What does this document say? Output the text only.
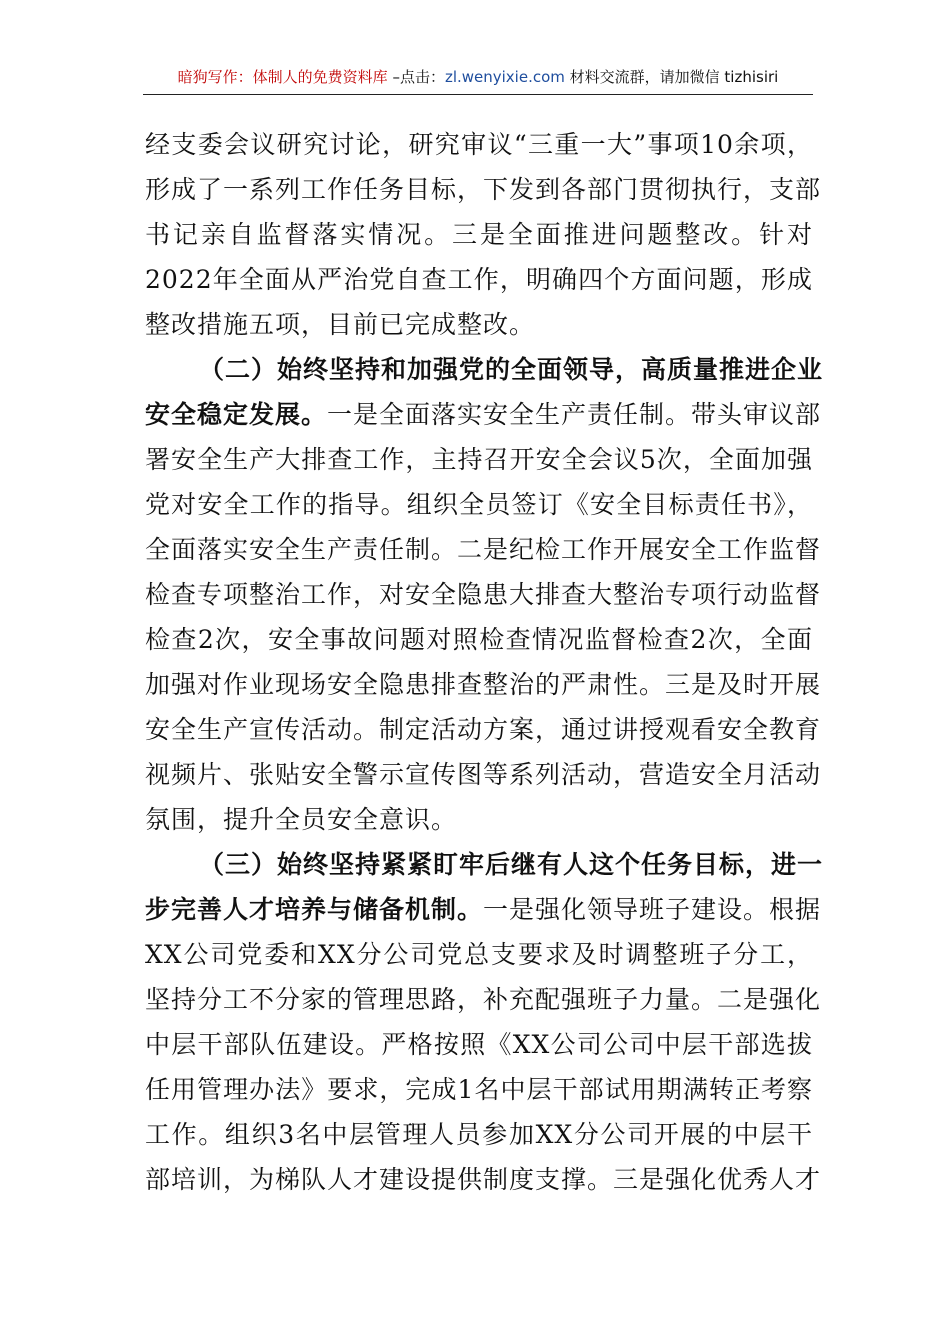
暗狗写作：体制人的免费资料库 –点击：zl.wenyixie.com 材料交流群，请加微信 tizhisiri
经支委会议研究讨论，研究审议“三重一大”事项10余项，
形成了一系列工作任务目标，下发到各部门贯彻执行，支部
书记亲自监督落实情况。三是全面推进问题整改。针对
2022年全面从严治党自查工作，明确四个方面问题，形成
整改措施五项，目前已完成整改。
（二）始终坚持和加强党的全面领导，高质量推进企业
安全稳定发展。一是全面落实安全生产责任制。带头审议部
署安全生产大排查工作，主持召开安全会议5次，全面加强
党对安全工作的指导。组织全员签订《安全目标责任书》，
全面落实安全生产责任制。二是纪检工作开展安全工作监督
检查专项整治工作，对安全隐患大排查大整治专项行动监督
检查2次，安全事故问题对照检查情况监督检查2次，全面
加强对作业现场安全隐患排查整治的严肃性。三是及时开展
安全生产宣传活动。制定活动方案，通过讲授观看安全教育
视频片、张贴安全警示宣传图等系列活动，营造安全月活动
氛围，提升全员安全意识。
（三）始终坚持紧紧盯牢后继有人这个任务目标，进一
步完善人才培养与储备机制。一是强化领导班子建设。根据
XX公司党委和XX分公司党总支要求及时调整班子分工，
坚持分工不分家的管理思路，补充配强班子力量。二是强化
中层干部队伍建设。严格按照《XX公司公司中层干部选拔
任用管理办法》要求，完成1名中层干部试用期满转正考察
工作。组织3名中层管理人员参加XX分公司开展的中层干
部培训，为梯队人才建设提供制度支撑。三是强化优秀人才
